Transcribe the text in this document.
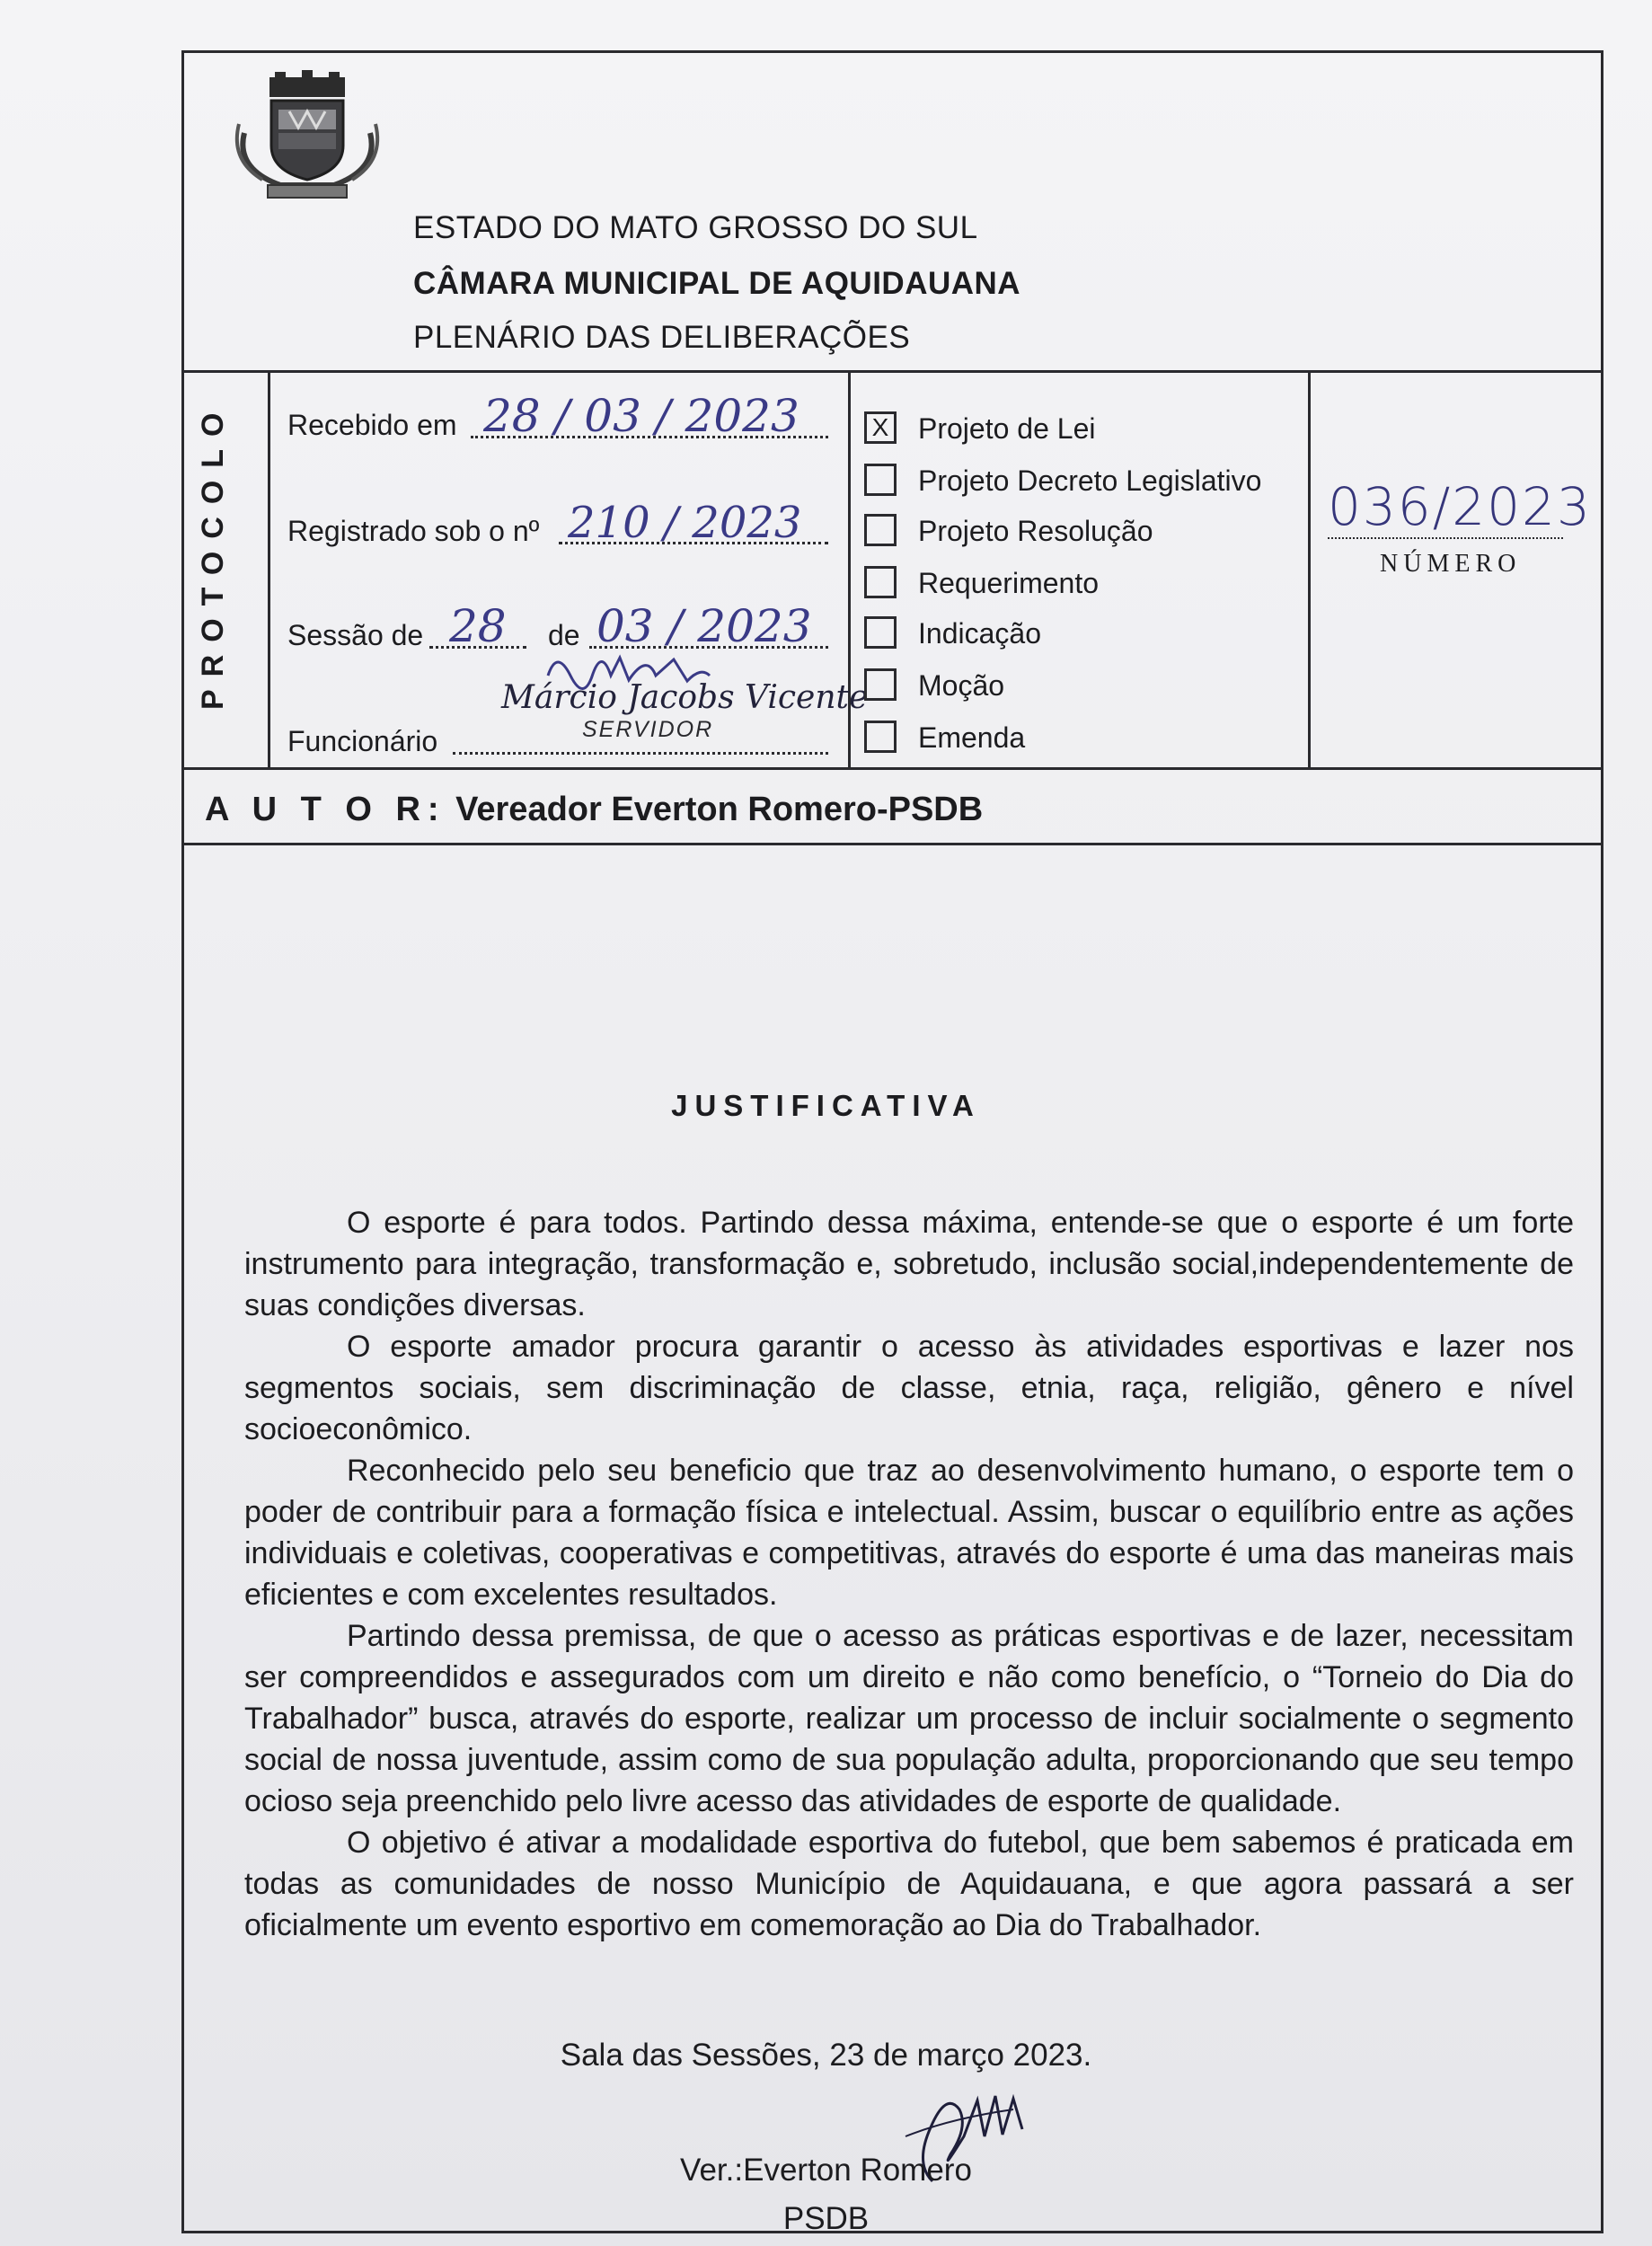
ESTADO DO MATO GROSSO DO SUL
CÂMARA MUNICIPAL DE AQUIDAUANA
PLENÁRIO DAS DELIBERAÇÕES
Recebido em 28 / 03 / 2023
Registrado sob o nº 210 / 2023
Sessão de 28 de 03 / 2023
Márcio Jacobs Vicente
Funcionário	SERVIDOR
X Projeto de Lei
Projeto Decreto Legislativo
Projeto Resolução
Requerimento
Indicação
Moção
Emenda
036/2023
NÚMERO
A U T O R: Vereador Everton Romero-PSDB
JUSTIFICATIVA

O esporte é para todos. Partindo dessa máxima, entende-se que o esporte é um forte instrumento para integração, transformação e, sobretudo, inclusão social,independentemente de suas condições diversas.

O esporte amador procura garantir o acesso às atividades esportivas e lazer nos segmentos sociais, sem discriminação de classe, etnia, raça, religião, gênero e nível socioeconômico.

Reconhecido pelo seu beneficio que traz ao desenvolvimento humano, o esporte tem o poder de contribuir para a formação física e intelectual. Assim, buscar o equilíbrio entre as ações individuais e coletivas, cooperativas e competitivas, através do esporte é uma das maneiras mais eficientes e com excelentes resultados.

Partindo dessa premissa, de que o acesso as práticas esportivas e de lazer, necessitam ser compreendidos e assegurados com um direito e não como benefício, o “Torneio do Dia do Trabalhador” busca, através do esporte, realizar um processo de incluir socialmente o segmento social de nossa juventude, assim como de sua população adulta, proporcionando que seu tempo ocioso seja preenchido pelo livre acesso das atividades de esporte de qualidade.

O objetivo é ativar a modalidade esportiva do futebol, que bem sabemos é praticada em todas as comunidades de nosso Município de Aquidauana, e que agora passará a ser oficialmente um evento esportivo em comemoração ao Dia do Trabalhador.

Sala das Sessões, 23 de março 2023.
Ver.:Everton Romero
PSDB
